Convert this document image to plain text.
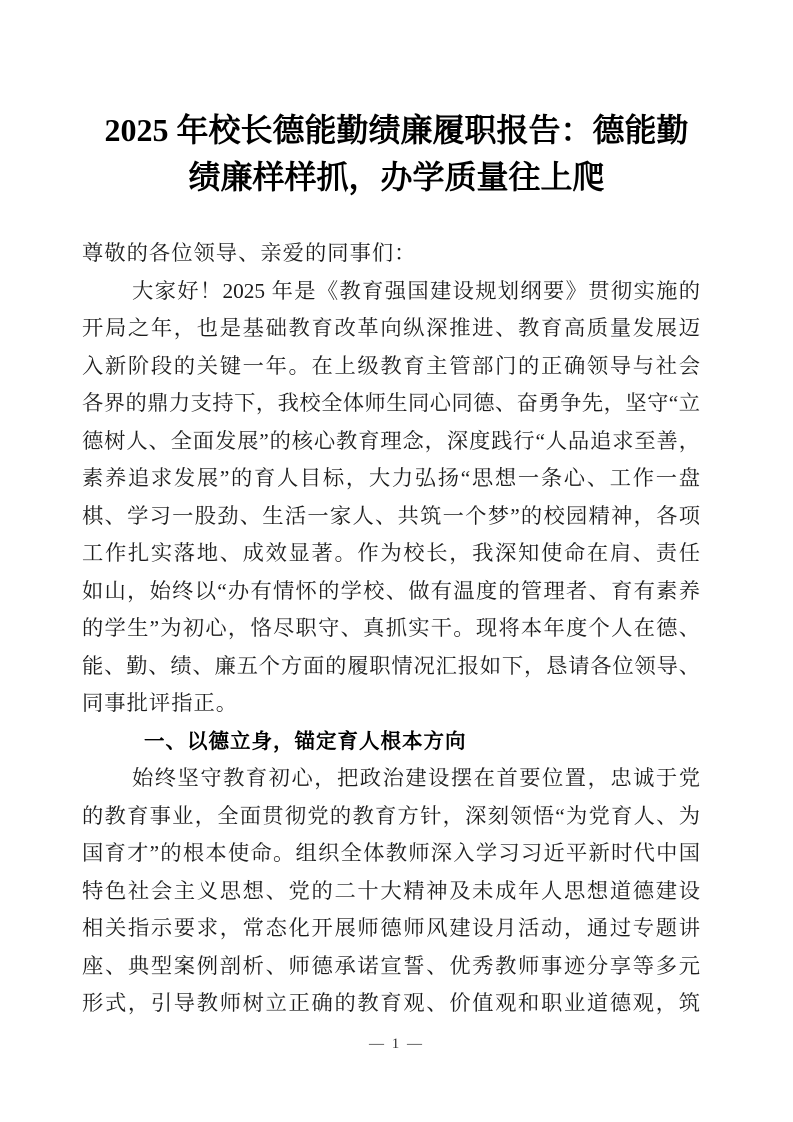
2025 年校长德能勤绩廉履职报告：德能勤
绩廉样样抓，办学质量往上爬
尊敬的各位领导、亲爱的同事们：
大家好！2025 年是《教育强国建设规划纲要》贯彻实施的
开局之年，也是基础教育改革向纵深推进、教育高质量发展迈
入新阶段的关键一年。在上级教育主管部门的正确领导与社会
各界的鼎力支持下，我校全体师生同心同德、奋勇争先，坚守“立
德树人、全面发展”的核心教育理念，深度践行“人品追求至善，
素养追求发展”的育人目标，大力弘扬“思想一条心、工作一盘
棋、学习一股劲、生活一家人、共筑一个梦”的校园精神，各项
工作扎实落地、成效显著。作为校长，我深知使命在肩、责任
如山，始终以“办有情怀的学校、做有温度的管理者、育有素养
的学生”为初心，恪尽职守、真抓实干。现将本年度个人在德、
能、勤、绩、廉五个方面的履职情况汇报如下，恳请各位领导、
同事批评指正。
一、以德立身，锚定育人根本方向
始终坚守教育初心，把政治建设摆在首要位置，忠诚于党
的教育事业，全面贯彻党的教育方针，深刻领悟“为党育人、为
国育才”的根本使命。组织全体教师深入学习习近平新时代中国
特色社会主义思想、党的二十大精神及未成年人思想道德建设
相关指示要求，常态化开展师德师风建设月活动，通过专题讲
座、典型案例剖析、师德承诺宣誓、优秀教师事迹分享等多元
形式，引导教师树立正确的教育观、价值观和职业道德观，筑
— 1 —
